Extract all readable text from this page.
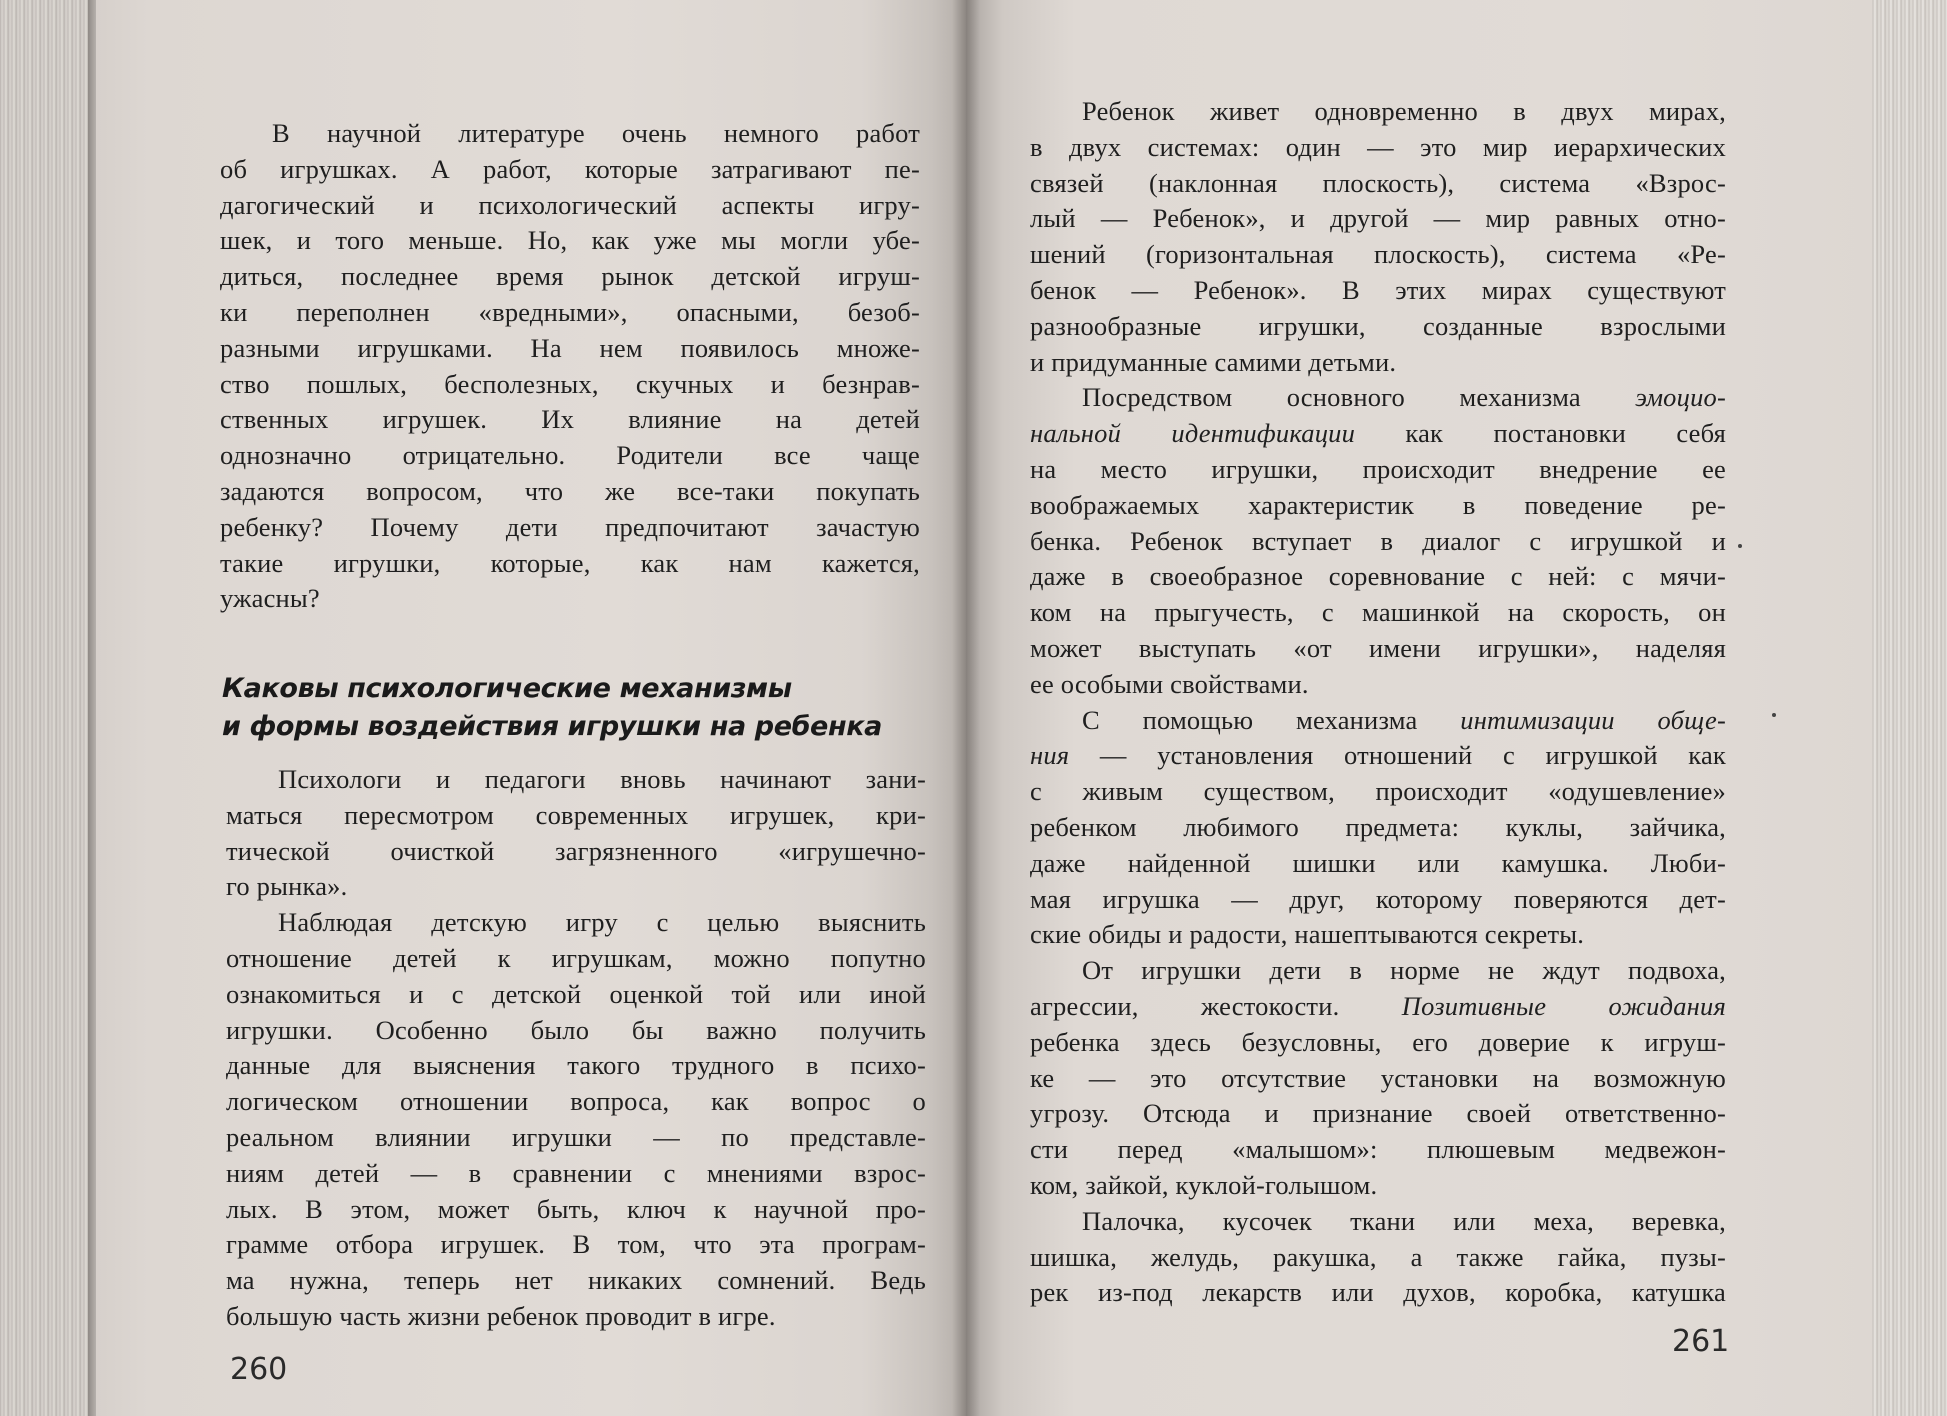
В научной литературе очень немного работ
об игрушках. А работ, которые затрагивают пе-
дагогический и психологический аспекты игру-
шек, и того меньше. Но, как уже мы могли убе-
диться, последнее время рынок детской игруш-
ки переполнен «вредными», опасными, безоб-
разными игрушками. На нем появилось множе-
ство пошлых, бесполезных, скучных и безнрав-
ственных игрушек. Их влияние на детей
однозначно отрицательно. Родители все чаще
задаются вопросом, что же все-таки покупать
ребенку? Почему дети предпочитают зачастую
такие игрушки, которые, как нам кажется,
ужасны?
Каковы психологические механизмы
и формы воздействия игрушки на ребенка
Психологи и педагоги вновь начинают зани-
маться пересмотром современных игрушек, кри-
тической очисткой загрязненного «игрушечно-
го рынка».
Наблюдая детскую игру с целью выяснить
отношение детей к игрушкам, можно попутно
ознакомиться и с детской оценкой той или иной
игрушки. Особенно было бы важно получить
данные для выяснения такого трудного в психо-
логическом отношении вопроса, как вопрос о
реальном влиянии игрушки — по представле-
ниям детей — в сравнении с мнениями взрос-
лых. В этом, может быть, ключ к научной про-
грамме отбора игрушек. В том, что эта програм-
ма нужна, теперь нет никаких сомнений. Ведь
большую часть жизни ребенок проводит в игре.
260
Ребенок живет одновременно в двух мирах,
в двух системах: один — это мир иерархических
связей (наклонная плоскость), система «Взрос-
лый — Ребенок», и другой — мир равных отно-
шений (горизонтальная плоскость), система «Ре-
бенок — Ребенок». В этих мирах существуют
разнообразные игрушки, созданные взрослыми
и придуманные самими детьми.
Посредством основного механизма эмоцио-
нальной идентификации как постановки себя
на место игрушки, происходит внедрение ее
воображаемых характеристик в поведение ре-
бенка. Ребенок вступает в диалог с игрушкой и
даже в своеобразное соревнование с ней: с мячи-
ком на прыгучесть, с машинкой на скорость, он
может выступать «от имени игрушки», наделяя
ее особыми свойствами.
С помощью механизма интимизации обще-
ния — установления отношений с игрушкой как
с живым существом, происходит «одушевление»
ребенком любимого предмета: куклы, зайчика,
даже найденной шишки или камушка. Люби-
мая игрушка — друг, которому поверяются дет-
ские обиды и радости, нашептываются секреты.
От игрушки дети в норме не ждут подвоха,
агрессии, жестокости. Позитивные ожидания
ребенка здесь безусловны, его доверие к игруш-
ке — это отсутствие установки на возможную
угрозу. Отсюда и признание своей ответственно-
сти перед «малышом»: плюшевым медвежон-
ком, зайкой, куклой-голышом.
Палочка, кусочек ткани или меха, веревка,
шишка, желудь, ракушка, а также гайка, пузы-
рек из-под лекарств или духов, коробка, катушка
261
